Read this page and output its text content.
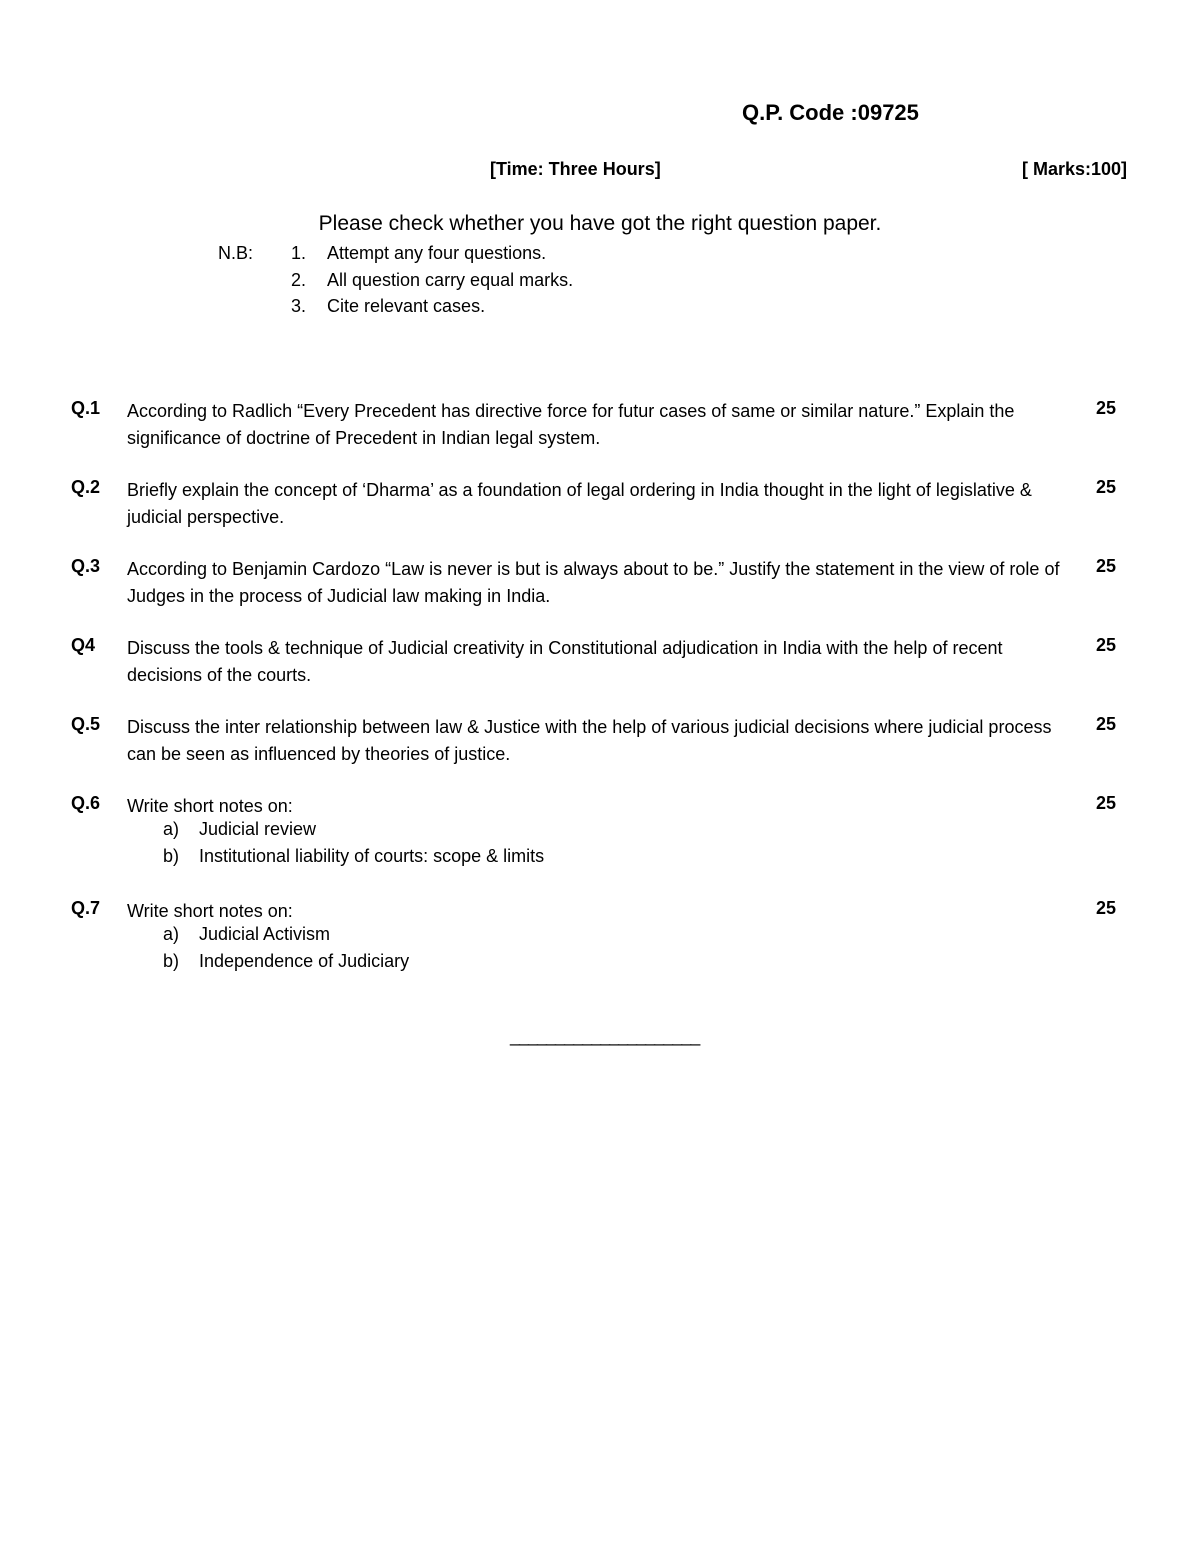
Q.P. Code :09725
[Time: Three Hours]	[ Marks:100]
Please check whether you have got the right question paper.
N.B: 1. Attempt any four questions.
2. All question carry equal marks.
3. Cite relevant cases.
Q.1 According to Radlich “Every Precedent has directive force for futur cases of same or similar nature.” Explain the significance of doctrine of Precedent in Indian legal system.
25
Q.2 Briefly explain the concept of ‘Dharma’ as a foundation of legal ordering in India thought in the light of legislative & judicial perspective.
25
Q.3 According to Benjamin Cardozo “Law is never is but is always about to be.” Justify the statement in the view of role of Judges in the process of Judicial law making in India.
25
Q4 Discuss the tools & technique of Judicial creativity in Constitutional adjudication in India with the help of recent decisions of the courts.
25
Q.5 Discuss the inter relationship between law & Justice with the help of various judicial decisions where judicial process can be seen as influenced by theories of justice.
25
Q.6 Write short notes on:	25
a) Judicial review
b) Institutional liability of courts: scope & limits
Q.7 Write short notes on:	25
a) Judicial Activism
b) Independence of Judiciary
_____________________
